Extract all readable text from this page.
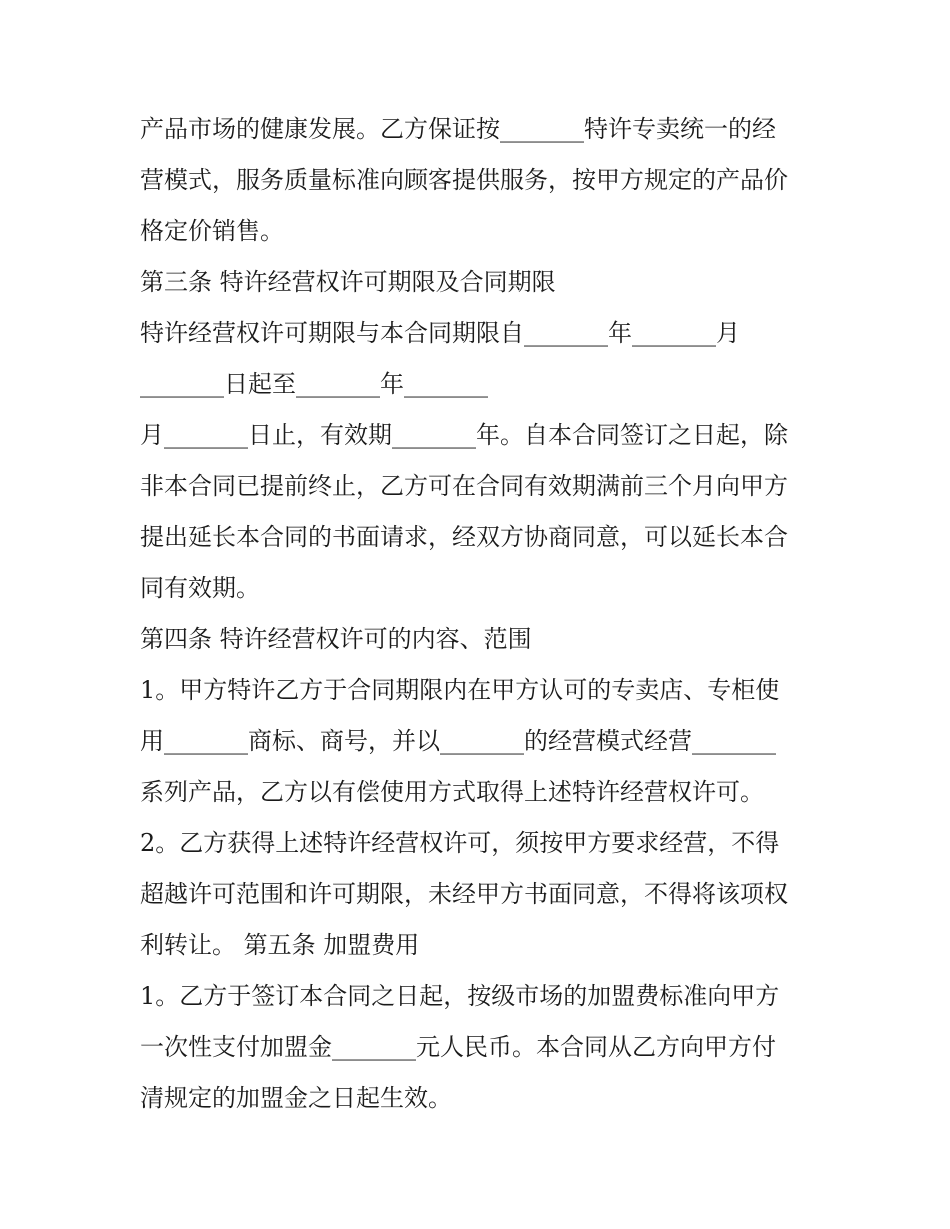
产品市场的健康发展。乙方保证按_______特许专卖统一的经
营模式，服务质量标准向顾客提供服务，按甲方规定的产品价
格定价销售。
第三条 特许经营权许可期限及合同期限
特许经营权许可期限与本合同期限自_______年_______月
_______日起至_______年_______
月_______日止，有效期_______年。自本合同签订之日起，除
非本合同已提前终止，乙方可在合同有效期满前三个月向甲方
提出延长本合同的书面请求，经双方协商同意，可以延长本合
同有效期。
第四条 特许经营权许可的内容、范围
1。甲方特许乙方于合同期限内在甲方认可的专卖店、专柜使
用_______商标、商号，并以_______的经营模式经营_______
系列产品，乙方以有偿使用方式取得上述特许经营权许可。
2。乙方获得上述特许经营权许可，须按甲方要求经营，不得
超越许可范围和许可期限，未经甲方书面同意，不得将该项权
利转让。 第五条 加盟费用
1。乙方于签订本合同之日起，按级市场的加盟费标准向甲方
一次性支付加盟金_______元人民币。本合同从乙方向甲方付
清规定的加盟金之日起生效。
